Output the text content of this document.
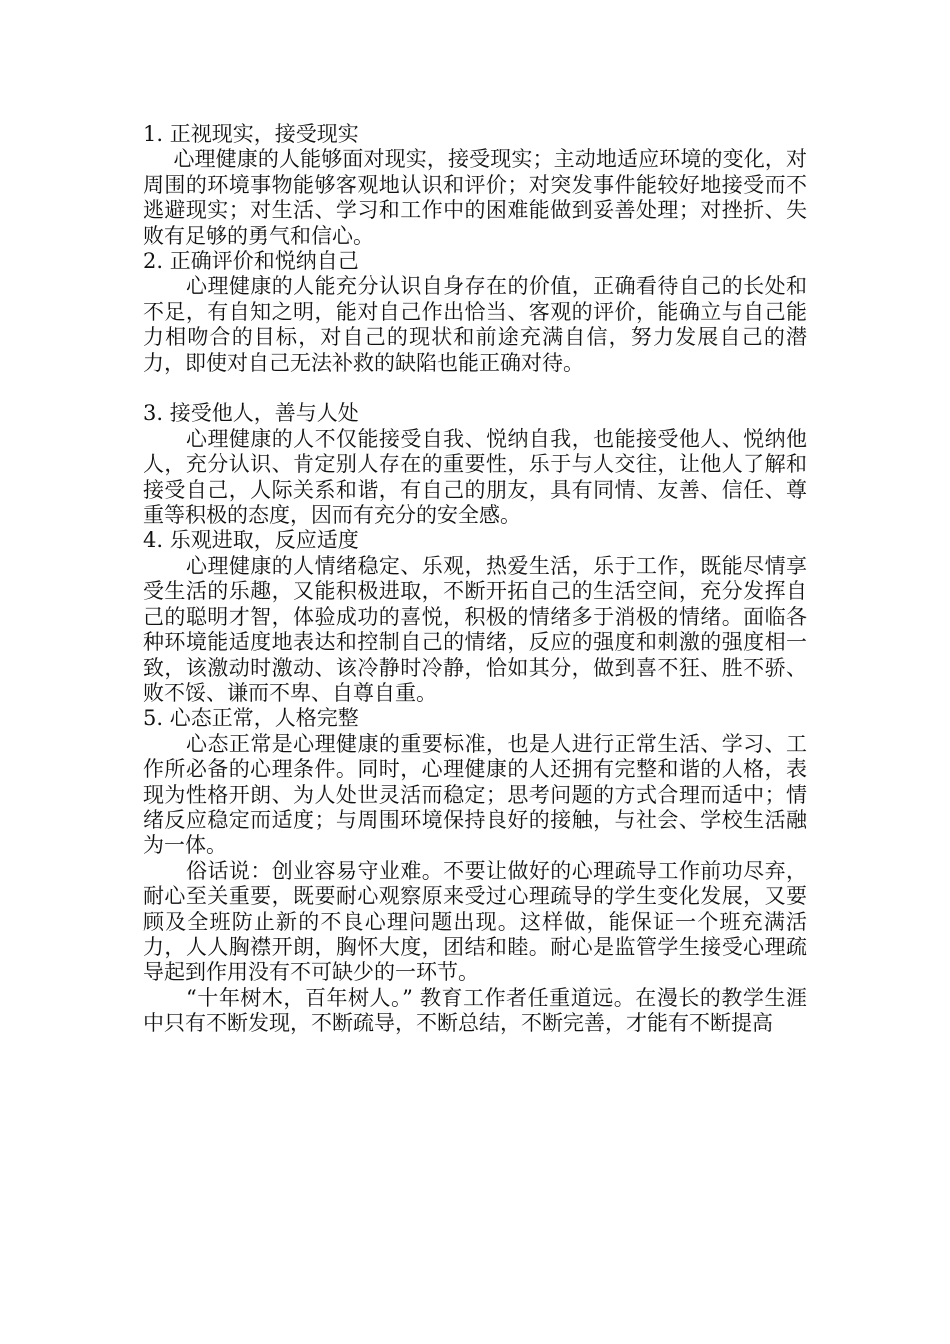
1. 正视现实，接受现实

心理健康的人能够面对现实，接受现实；主动地适应环境的变化，对周围的环境事物能够客观地认识和评价；对突发事件能较好地接受而不逃避现实；对生活、学习和工作中的困难能做到妥善处理；对挫折、失败有足够的勇气和信心。

2. 正确评价和悦纳自己

心理健康的人能充分认识自身存在的价值，正确看待自己的长处和不足，有自知之明，能对自己作出恰当、客观的评价，能确立与自己能力相吻合的目标，对自己的现状和前途充满自信，努力发展自己的潜力，即使对自己无法补救的缺陷也能正确对待。

3. 接受他人，善与人处

心理健康的人不仅能接受自我、悦纳自我，也能接受他人、悦纳他人，充分认识、肯定别人存在的重要性，乐于与人交往，让他人了解和接受自己，人际关系和谐，有自己的朋友，具有同情、友善、信任、尊重等积极的态度，因而有充分的安全感。

4. 乐观进取，反应适度

心理健康的人情绪稳定、乐观，热爱生活，乐于工作，既能尽情享受生活的乐趣，又能积极进取，不断开拓自己的生活空间，充分发挥自己的聪明才智，体验成功的喜悦，积极的情绪多于消极的情绪。面临各种环境能适度地表达和控制自己的情绪，反应的强度和刺激的强度相一致，该激动时激动、该冷静时冷静，恰如其分，做到喜不狂、胜不骄、败不馁、谦而不卑、自尊自重。

5. 心态正常，人格完整

心态正常是心理健康的重要标准，也是人进行正常生活、学习、工作所必备的心理条件。同时，心理健康的人还拥有完整和谐的人格，表现为性格开朗、为人处世灵活而稳定；思考问题的方式合理而适中；情绪反应稳定而适度；与周围环境保持良好的接触，与社会、学校生活融为一体。

俗话说：创业容易守业难。不要让做好的心理疏导工作前功尽弃，耐心至关重要，既要耐心观察原来受过心理疏导的学生变化发展，又要顾及全班防止新的不良心理问题出现。这样做，能保证一个班充满活力，人人胸襟开朗，胸怀大度，团结和睦。耐心是监管学生接受心理疏导起到作用没有不可缺少的一环节。

“十年树木，百年树人。” 教育工作者任重道远。在漫长的教学生涯中只有不断发现，不断疏导，不断总结，不断完善，才能有不断提高
